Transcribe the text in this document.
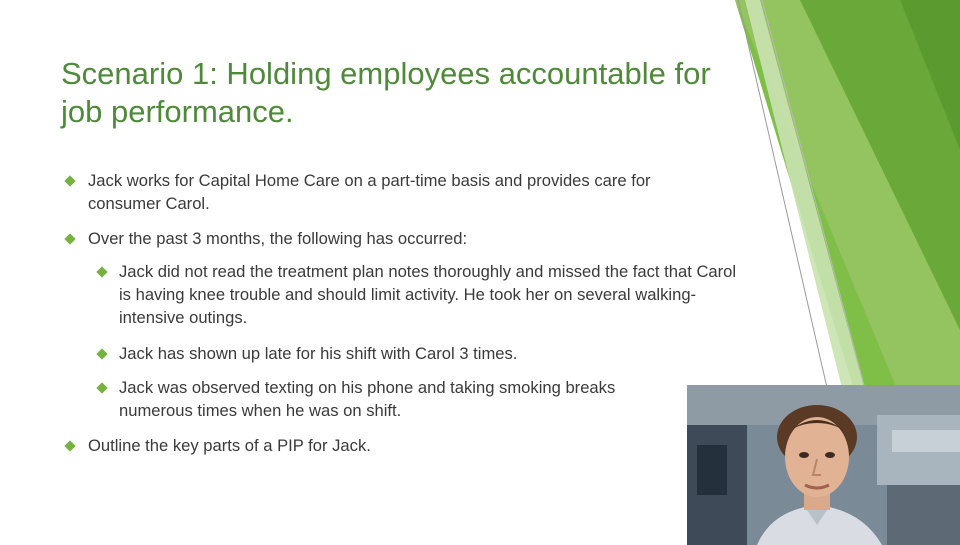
Scenario 1: Holding employees accountable for job performance.
Jack works for Capital Home Care on a part-time basis and provides care for consumer Carol.
Over the past 3 months, the following has occurred:
Jack did not read the treatment plan notes thoroughly and missed the fact that Carol is having knee trouble and should limit activity. He took her on several walking-intensive outings.
Jack has shown up late for his shift with Carol 3 times.
Jack was observed texting on his phone and taking smoking breaks numerous times when he was on shift.
Outline the key parts of a PIP for Jack.
